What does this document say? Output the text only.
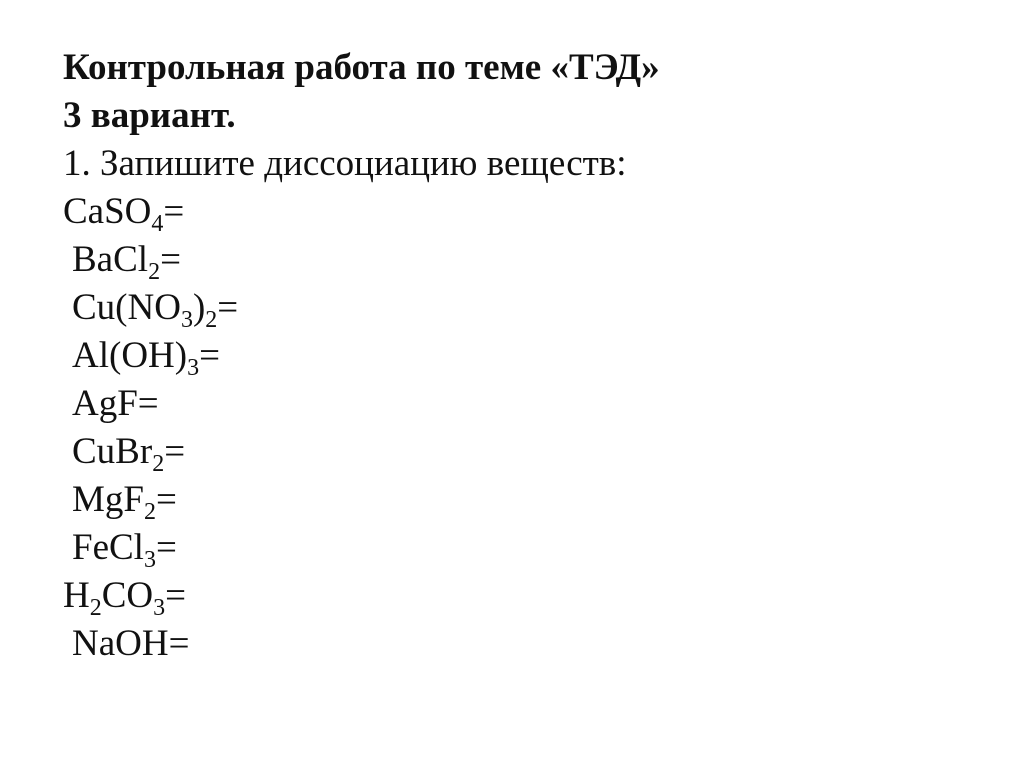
Контрольная работа по теме «ТЭД»
3 вариант.
1. Запишите диссоциацию веществ:
CaSO$_4$=
BaCl$_2$=
$Cu(NO_3)_2=$
$Al(OH)_3=$
AgF=
CuBr$_2$=
MgF$_2$=
FeCl$_3$=
$H_2CO_3=$
NaOH=
